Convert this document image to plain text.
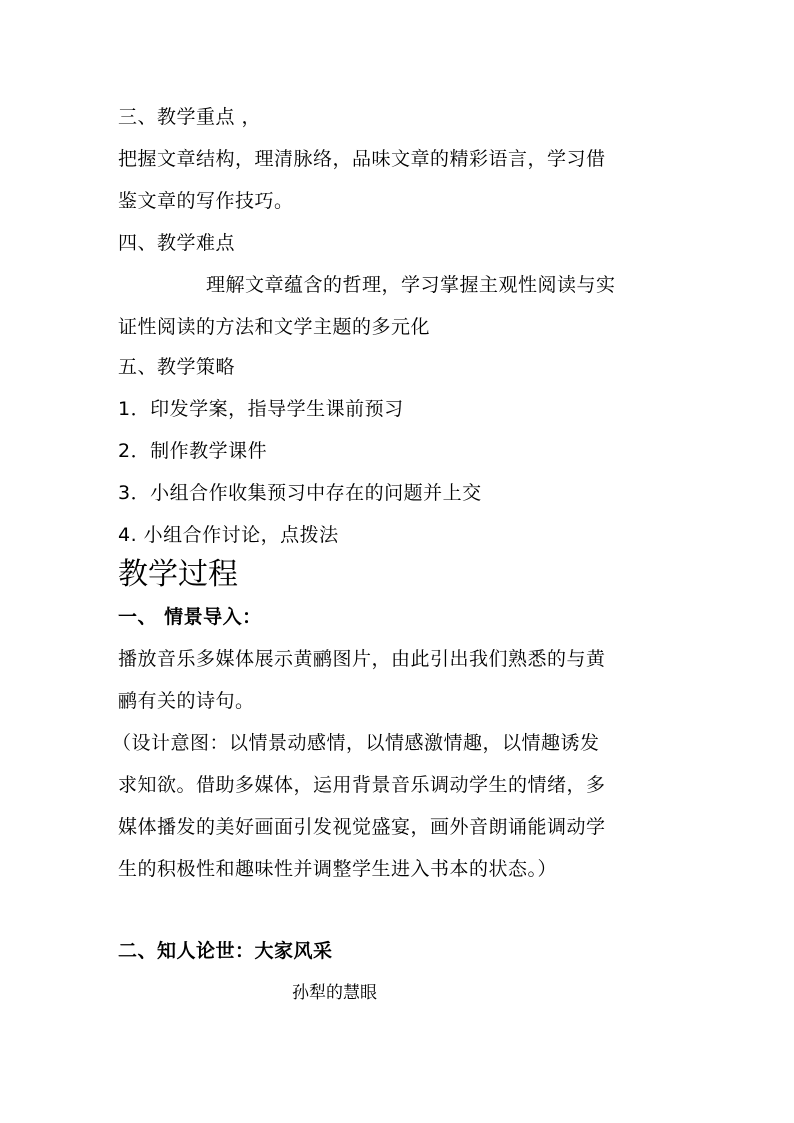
三、教学重点 ，
把握文章结构，理清脉络，品味文章的精彩语言，学习借
鉴文章的写作技巧。
四、教学难点
理解文章蕴含的哲理，学习掌握主观性阅读与实
证性阅读的方法和文学主题的多元化
五、教学策略
1．印发学案，指导学生课前预习
2．制作教学课件
3．小组合作收集预习中存在的问题并上交
4. 小组合作讨论，点拨法
教学过程
一、 情景导入：
播放音乐多媒体展示黄鹂图片，由此引出我们熟悉的与黄
鹂有关的诗句。
（设计意图：以情景动感情，以情感激情趣，以情趣诱发
求知欲。借助多媒体，运用背景音乐调动学生的情绪，多
媒体播发的美好画面引发视觉盛宴，画外音朗诵能调动学
生的积极性和趣味性并调整学生进入书本的状态。）
二、知人论世：大家风采
孙犁的慧眼
